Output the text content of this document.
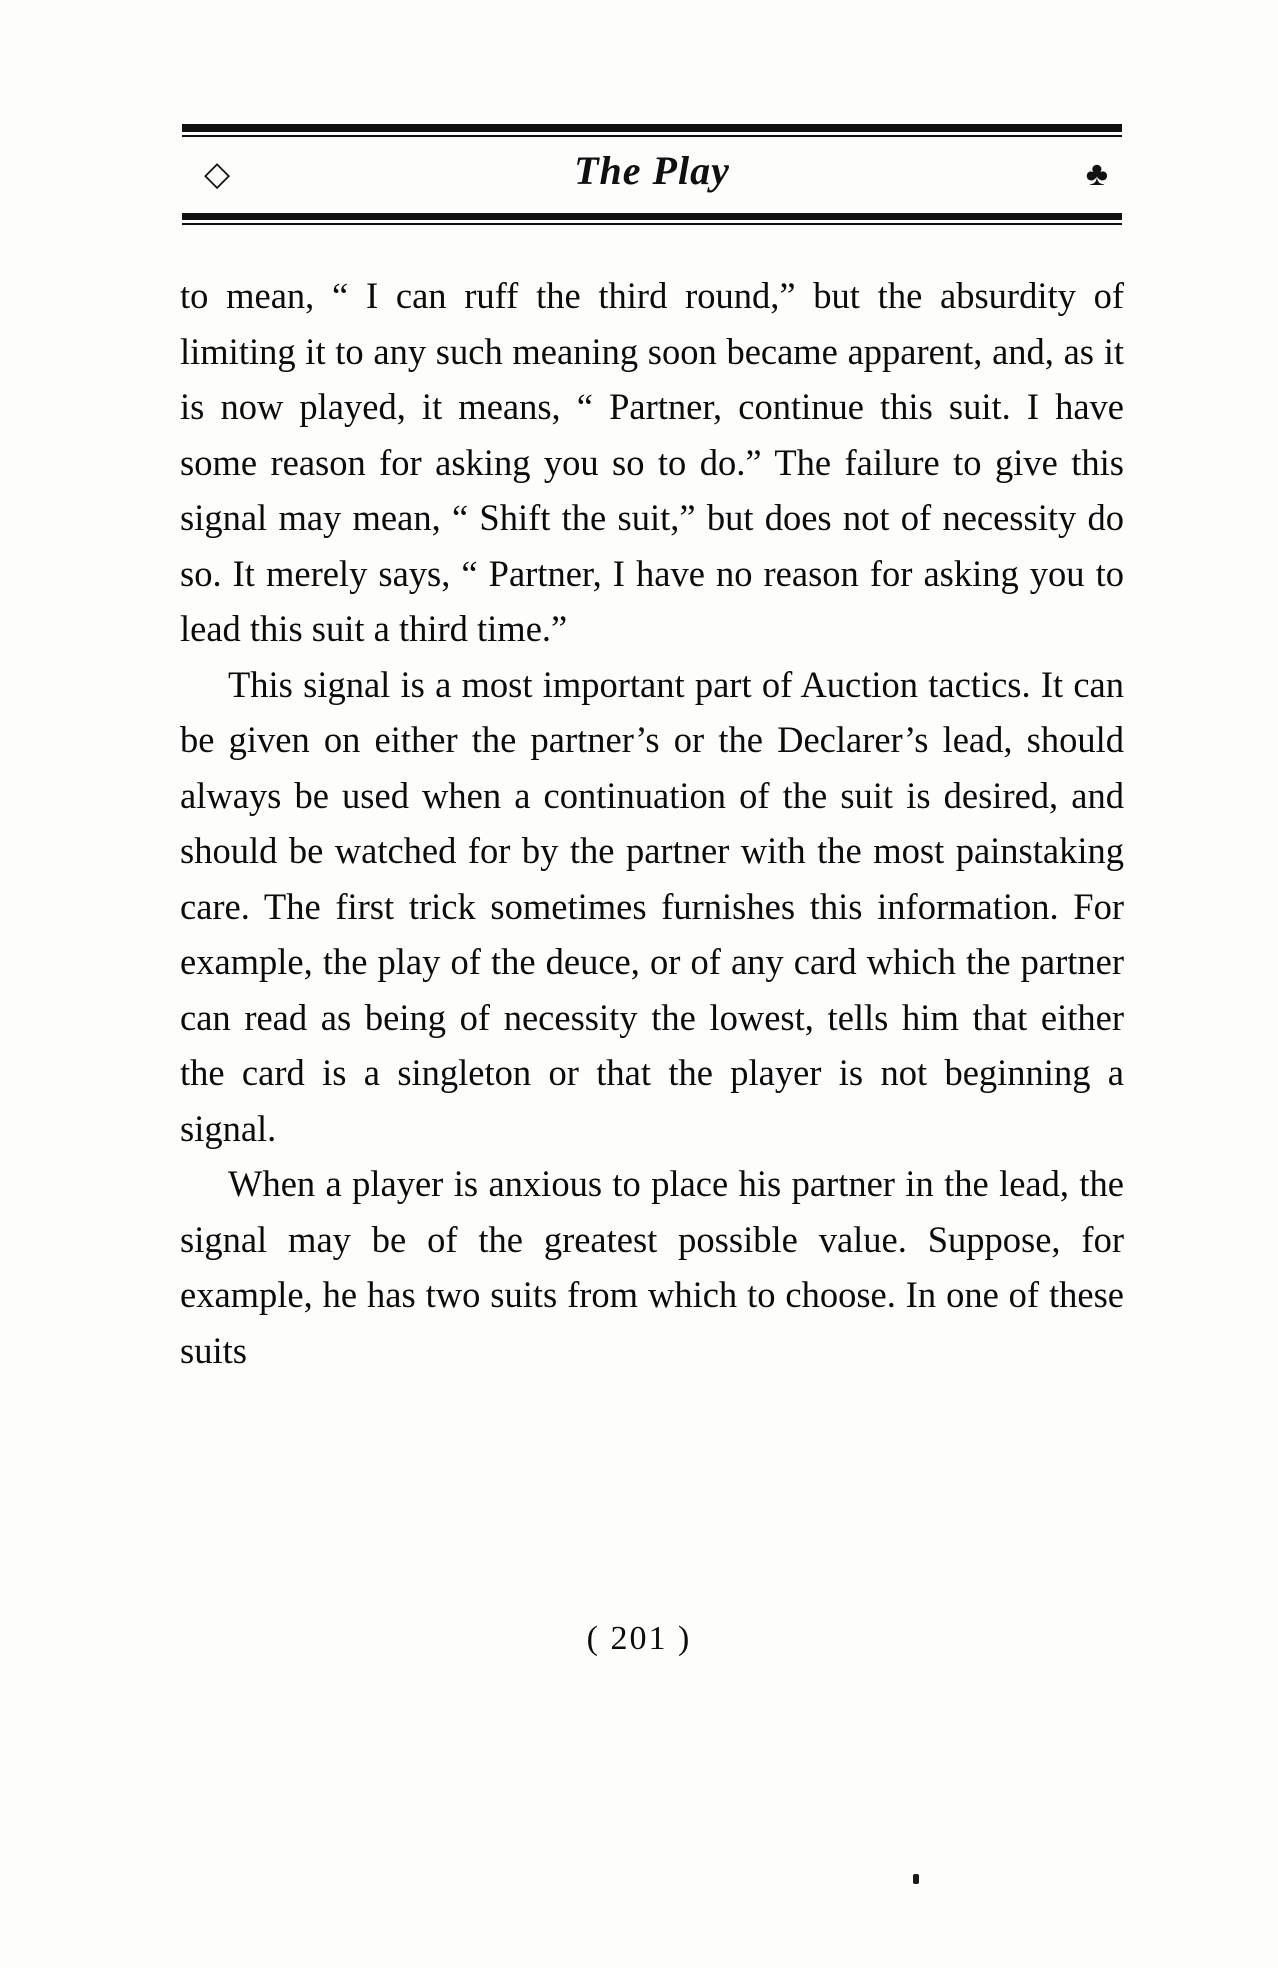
◇	The Play	♣

to mean, “ I can ruff the third round,” but the absurdity of limiting it to any such meaning soon became apparent, and, as it is now played, it means, “ Partner, continue this suit. I have some reason for asking you so to do.” The failure to give this signal may mean, “ Shift the suit,” but does not of necessity do so. It merely says, “ Partner, I have no reason for asking you to lead this suit a third time.”

This signal is a most important part of Auction tactics. It can be given on either the partner’s or the Declarer’s lead, should always be used when a continuation of the suit is desired, and should be watched for by the partner with the most painstaking care. The first trick sometimes furnishes this information. For example, the play of the deuce, or of any card which the partner can read as being of necessity the lowest, tells him that either the card is a singleton or that the player is not beginning a signal.

When a player is anxious to place his partner in the lead, the signal may be of the greatest possible value. Suppose, for example, he has two suits from which to choose. In one of these suits

( 201 )
